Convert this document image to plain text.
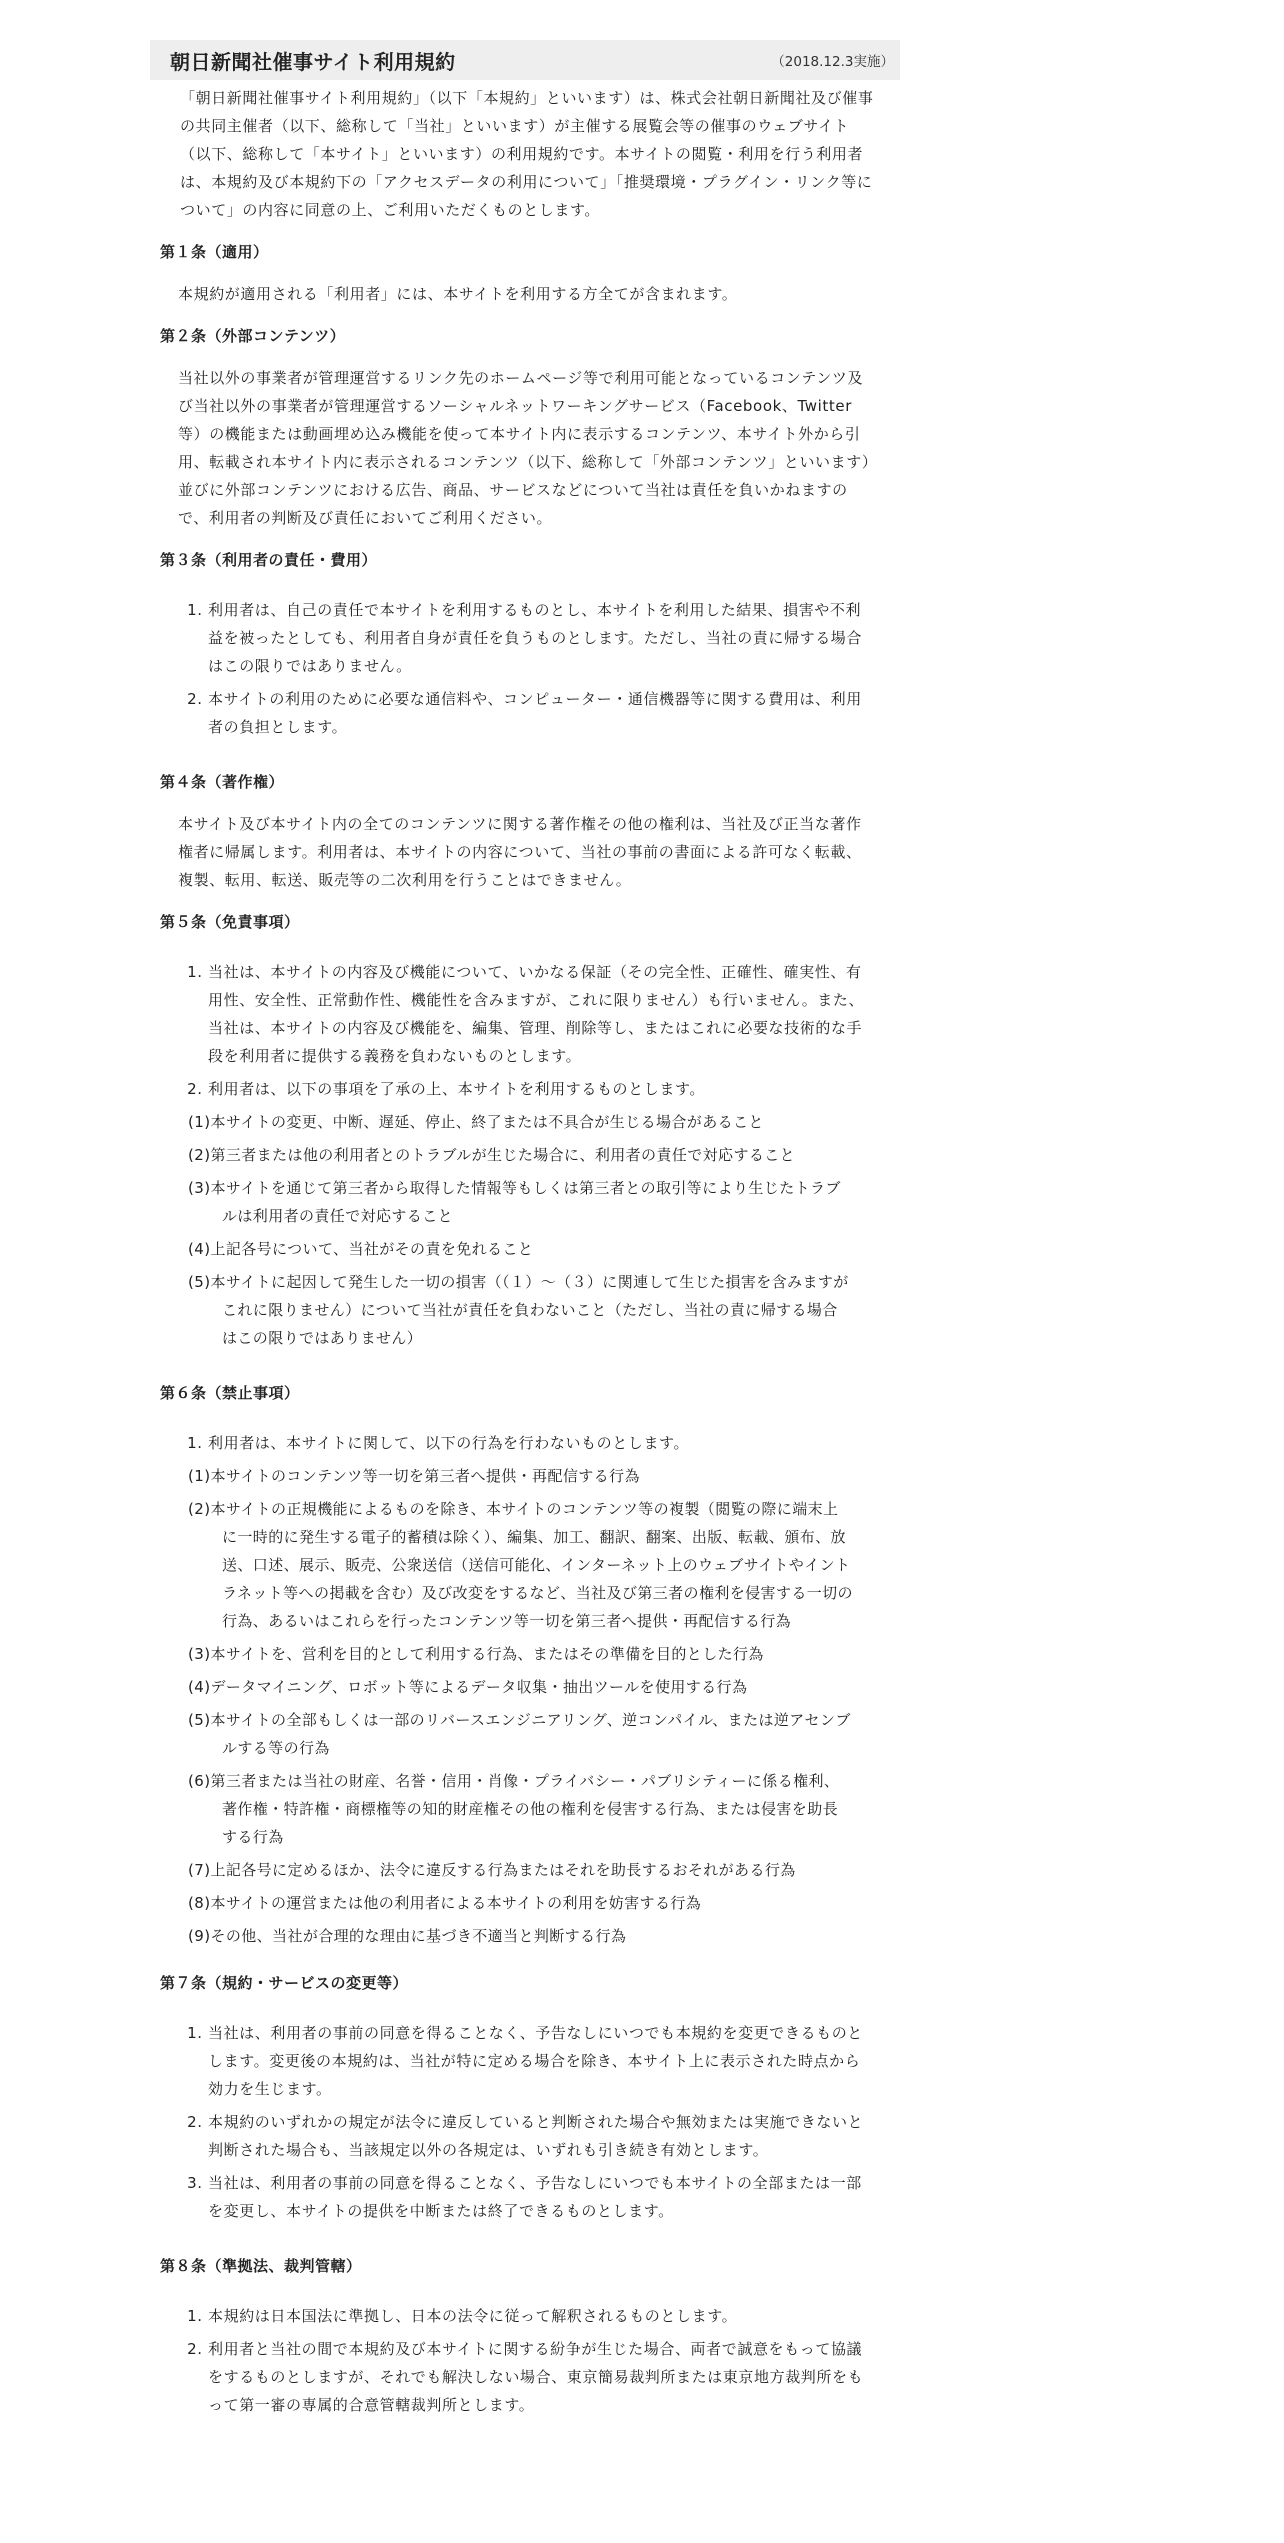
朝日新聞社催事サイト利用規約	（2018.12.3実施）

「朝日新聞社催事サイト利用規約」（以下「本規約」といいます）は、株式会社朝日新聞社及び催事の共同主催者（以下、総称して「当社」といいます）が主催する展覧会等の催事のウェブサイト（以下、総称して「本サイト」といいます）の利用規約です。本サイトの閲覧・利用を行う利用者は、本規約及び本規約下の「アクセスデータの利用について」「推奨環境・プラグイン・リンク等について」の内容に同意の上、ご利用いただくものとします。

第１条（適用）

本規約が適用される「利用者」には、本サイトを利用する方全てが含まれます。

第２条（外部コンテンツ）

当社以外の事業者が管理運営するリンク先のホームページ等で利用可能となっているコンテンツ及び当社以外の事業者が管理運営するソーシャルネットワーキングサービス（Facebook、Twitter等）の機能または動画埋め込み機能を使って本サイト内に表示するコンテンツ、本サイト外から引用、転載され本サイト内に表示されるコンテンツ（以下、総称して「外部コンテンツ」といいます）並びに外部コンテンツにおける広告、商品、サービスなどについて当社は責任を負いかねますので、利用者の判断及び責任においてご利用ください。

第３条（利用者の責任・費用）
1. 利用者は、自己の責任で本サイトを利用するものとし、本サイトを利用した結果、損害や不利益を被ったとしても、利用者自身が責任を負うものとします。ただし、当社の責に帰する場合はこの限りではありません。
2. 本サイトの利用のために必要な通信料や、コンピューター・通信機器等に関する費用は、利用者の負担とします。
第４条（著作権）

本サイト及び本サイト内の全てのコンテンツに関する著作権その他の権利は、当社及び正当な著作権者に帰属します。利用者は、本サイトの内容について、当社の事前の書面による許可なく転載、複製、転用、転送、販売等の二次利用を行うことはできません。

第５条（免責事項）
1. 当社は、本サイトの内容及び機能について、いかなる保証（その完全性、正確性、確実性、有用性、安全性、正常動作性、機能性を含みますが、これに限りません）も行いません。また、当社は、本サイトの内容及び機能を、編集、管理、削除等し、またはこれに必要な技術的な手段を利用者に提供する義務を負わないものとします。
2. 利用者は、以下の事項を了承の上、本サイトを利用するものとします。
(1)本サイトの変更、中断、遅延、停止、終了または不具合が生じる場合があること
(2)第三者または他の利用者とのトラブルが生じた場合に、利用者の責任で対応すること
(3)本サイトを通じて第三者から取得した情報等もしくは第三者との取引等により生じたトラブルは利用者の責任で対応すること
(4)上記各号について、当社がその責を免れること
(5)本サイトに起因して発生した一切の損害（（１）～（３）に関連して生じた損害を含みますがこれに限りません）について当社が責任を負わないこと（ただし、当社の責に帰する場合はこの限りではありません）
第６条（禁止事項）
1. 利用者は、本サイトに関して、以下の行為を行わないものとします。
(1)本サイトのコンテンツ等一切を第三者へ提供・再配信する行為
(2)本サイトの正規機能によるものを除き、本サイトのコンテンツ等の複製（閲覧の際に端末上に一時的に発生する電子的蓄積は除く）、編集、加工、翻訳、翻案、出版、転載、頒布、放送、口述、展示、販売、公衆送信（送信可能化、インターネット上のウェブサイトやイントラネット等への掲載を含む）及び改変をするなど、当社及び第三者の権利を侵害する一切の行為、あるいはこれらを行ったコンテンツ等一切を第三者へ提供・再配信する行為
(3)本サイトを、営利を目的として利用する行為、またはその準備を目的とした行為
(4)データマイニング、ロボット等によるデータ収集・抽出ツールを使用する行為
(5)本サイトの全部もしくは一部のリバースエンジニアリング、逆コンパイル、または逆アセンブルする等の行為
(6)第三者または当社の財産、名誉・信用・肖像・プライバシー・パブリシティーに係る権利、著作権・特許権・商標権等の知的財産権その他の権利を侵害する行為、または侵害を助長する行為
(7)上記各号に定めるほか、法令に違反する行為またはそれを助長するおそれがある行為
(8)本サイトの運営または他の利用者による本サイトの利用を妨害する行為
(9)その他、当社が合理的な理由に基づき不適当と判断する行為
第７条（規約・サービスの変更等）
1. 当社は、利用者の事前の同意を得ることなく、予告なしにいつでも本規約を変更できるものとします。変更後の本規約は、当社が特に定める場合を除き、本サイト上に表示された時点から効力を生じます。
2. 本規約のいずれかの規定が法令に違反していると判断された場合や無効または実施できないと判断された場合も、当該規定以外の各規定は、いずれも引き続き有効とします。
3. 当社は、利用者の事前の同意を得ることなく、予告なしにいつでも本サイトの全部または一部を変更し、本サイトの提供を中断または終了できるものとします。
第８条（準拠法、裁判管轄）
1. 本規約は日本国法に準拠し、日本の法令に従って解釈されるものとします。
2. 利用者と当社の間で本規約及び本サイトに関する紛争が生じた場合、両者で誠意をもって協議をするものとしますが、それでも解決しない場合、東京簡易裁判所または東京地方裁判所をもって第一審の専属的合意管轄裁判所とします。
